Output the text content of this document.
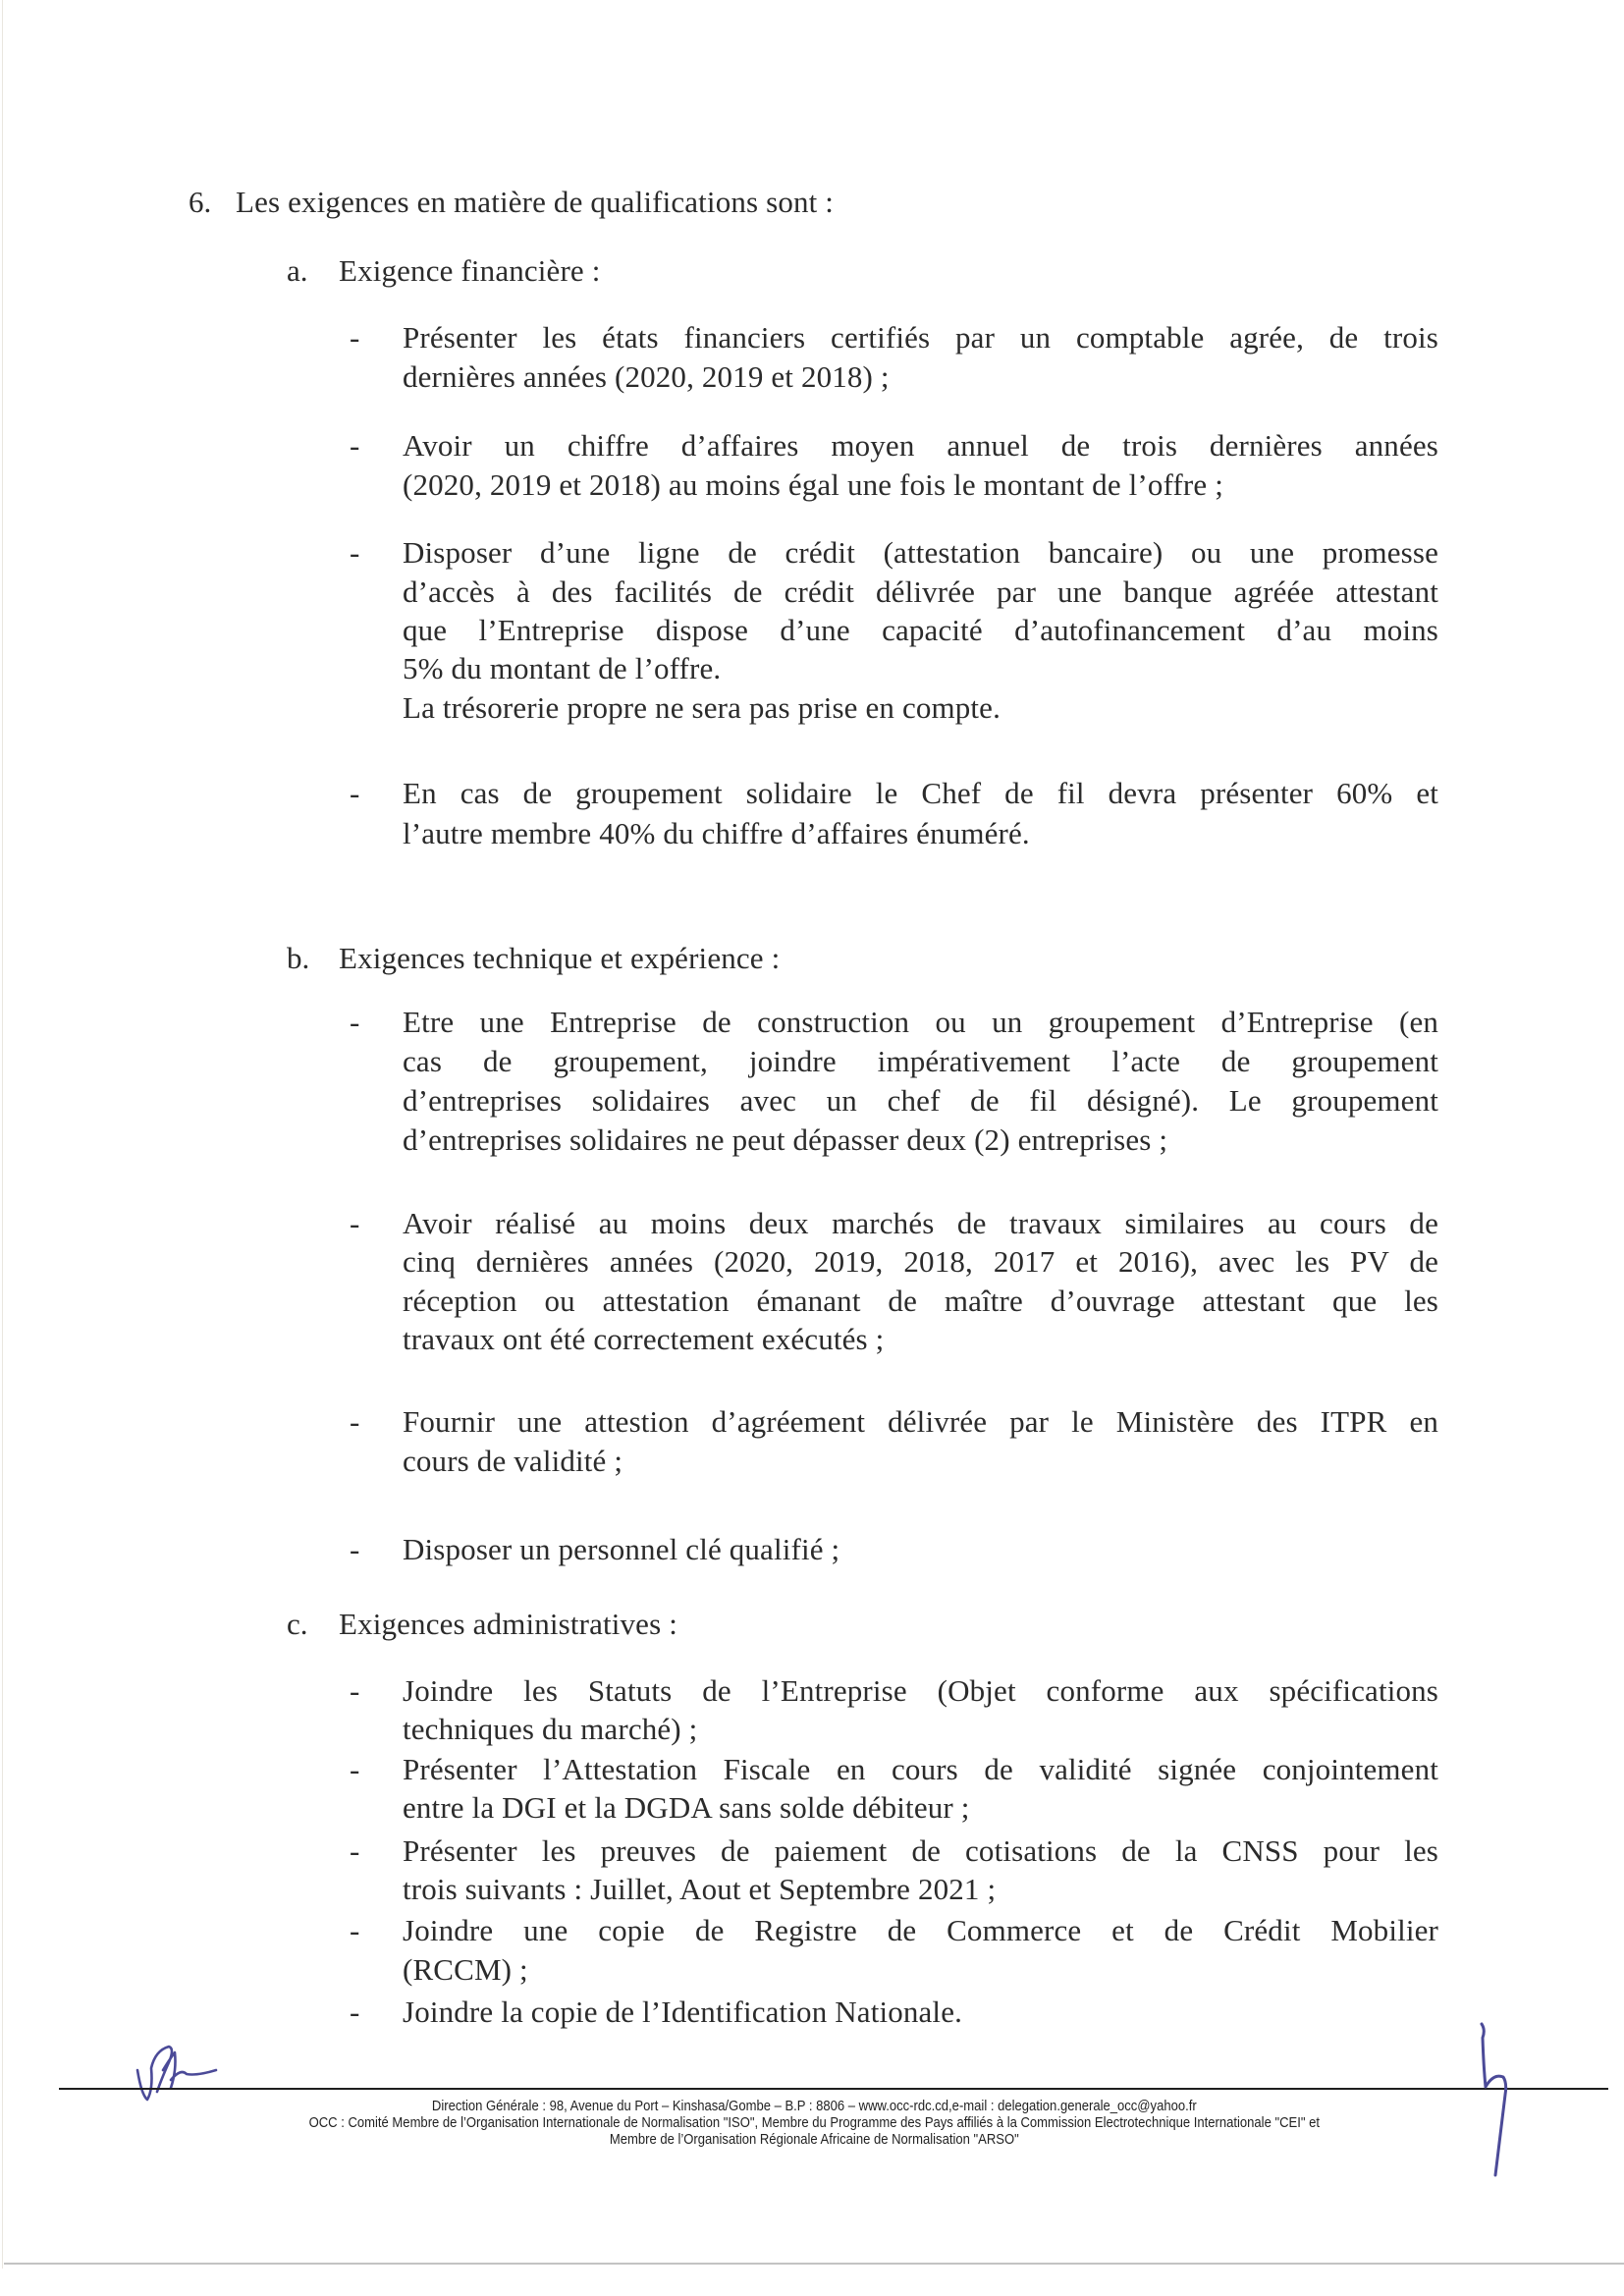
6. Les exigences en matière de qualifications sont :
a. Exigence financière :
- Présenter les états financiers certifiés par un comptable agrée, de trois
dernières années (2020, 2019 et 2018) ;
- Avoir un chiffre d’affaires moyen annuel de trois dernières années
(2020, 2019 et 2018) au moins égal une fois le montant de l’offre ;
- Disposer d’une ligne de crédit (attestation bancaire) ou une promesse
d’accès à des facilités de crédit délivrée par une banque agréée attestant
que l’Entreprise dispose d’une capacité d’autofinancement d’au moins
5% du montant de l’offre.
La trésorerie propre ne sera pas prise en compte.
- En cas de groupement solidaire le Chef de fil devra présenter 60% et
l’autre membre 40% du chiffre d’affaires énuméré.
b. Exigences technique et expérience :
- Etre une Entreprise de construction ou un groupement d’Entreprise (en
cas de groupement, joindre impérativement l’acte de groupement
d’entreprises solidaires avec un chef de fil désigné). Le groupement
d’entreprises solidaires ne peut dépasser deux (2) entreprises ;
- Avoir réalisé au moins deux marchés de travaux similaires au cours de
cinq dernières années (2020, 2019, 2018, 2017 et 2016), avec les PV de
réception ou attestation émanant de maître d’ouvrage attestant que les
travaux ont été correctement exécutés ;
- Fournir une attestion d’agréement délivrée par le Ministère des ITPR en
cours de validité ;
- Disposer un personnel clé qualifié ;
c. Exigences administratives :
- Joindre les Statuts de l’Entreprise (Objet conforme aux spécifications
techniques du marché) ;
- Présenter l’Attestation Fiscale en cours de validité signée conjointement
entre la DGI et la DGDA sans solde débiteur ;
- Présenter les preuves de paiement de cotisations de la CNSS pour les
trois suivants : Juillet, Aout et Septembre 2021 ;
- Joindre une copie de Registre de Commerce et de Crédit Mobilier
(RCCM) ;
- Joindre la copie de l’Identification Nationale.
Direction Générale : 98, Avenue du Port – Kinshasa/Gombe – B.P : 8806 – www.occ-rdc.cd,e-mail : delegation.generale_occ@yahoo.fr
OCC : Comité Membre de l’Organisation Internationale de Normalisation "ISO", Membre du Programme des Pays affiliés à la Commission Electrotechnique Internationale "CEI" et
Membre de l’Organisation Régionale Africaine de Normalisation "ARSO"
